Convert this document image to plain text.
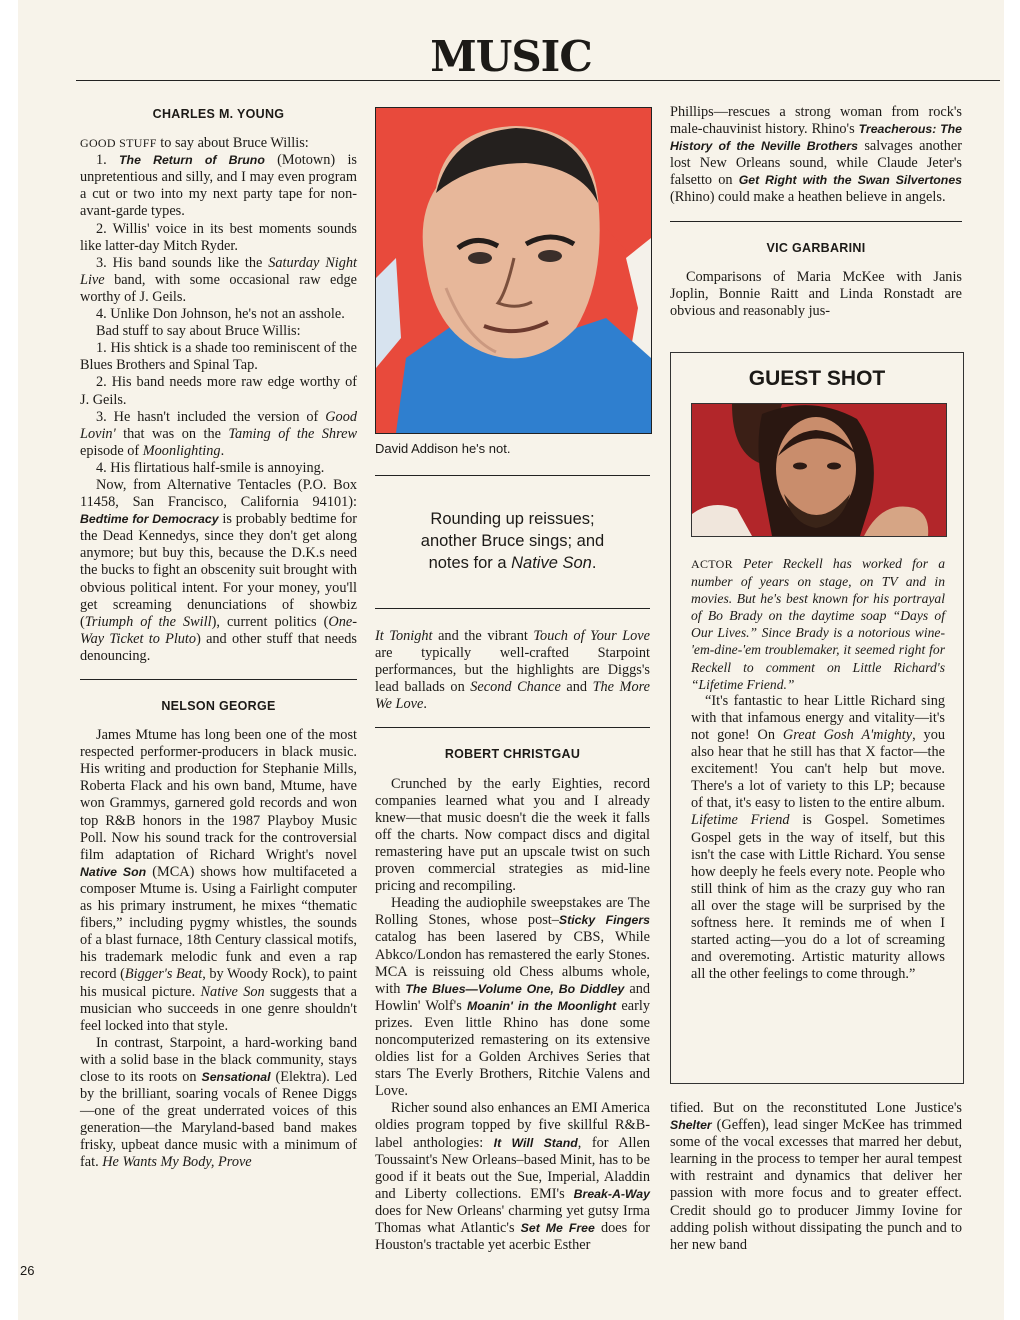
MUSIC
CHARLES M. YOUNG

GOOD STUFF to say about Bruce Willis:

1. The Return of Bruno (Motown) is unpretentious and silly, and I may even program a cut or two into my next party tape for non-avant-garde types.

2. Willis' voice in its best moments sounds like latter-day Mitch Ryder.

3. His band sounds like the Saturday Night Live band, with some occasional raw edge worthy of J. Geils.

4. Unlike Don Johnson, he's not an asshole.

Bad stuff to say about Bruce Willis:

1. His shtick is a shade too reminiscent of the Blues Brothers and Spinal Tap.

2. His band needs more raw edge worthy of J. Geils.

3. He hasn't included the version of Good Lovin' that was on the Taming of the Shrew episode of Moonlighting.

4. His flirtatious half-smile is annoying.

Now, from Alternative Tentacles (P.O. Box 11458, San Francisco, California 94101): Bedtime for Democracy is probably bedtime for the Dead Kennedys, since they don't get along anymore; but buy this, because the D.K.s need the bucks to fight an obscenity suit brought with obvious political intent. For your money, you'll get screaming denunciations of showbiz (Triumph of the Swill), current politics (One-Way Ticket to Pluto) and other stuff that needs denouncing.

NELSON GEORGE

James Mtume has long been one of the most respected performer-producers in black music. His writing and production for Stephanie Mills, Roberta Flack and his own band, Mtume, have won Grammys, garnered gold records and won top R&B honors in the 1987 Playboy Music Poll. Now his sound track for the controversial film adaptation of Richard Wright's novel Native Son (MCA) shows how multifaceted a composer Mtume is. Using a Fairlight computer as his primary instrument, he mixes “thematic fibers,” including pygmy whistles, the sounds of a blast furnace, 18th Century classical motifs, his trademark melodic funk and even a rap record (Bigger's Beat, by Woody Rock), to paint his musical picture. Native Son suggests that a musician who succeeds in one genre shouldn't feel locked into that style.

In contrast, Starpoint, a hard-working band with a solid base in the black community, stays close to its roots on Sensational (Elektra). Led by the brilliant, soaring vocals of Renee Diggs—one of the great underrated voices of this generation—the Maryland-based band makes frisky, upbeat dance music with a minimum of fat. He Wants My Body, Prove

David Addison he's not.
Rounding up reissues;
another Bruce sings; and
notes for a Native Son.

It Tonight and the vibrant Touch of Your Love are typically well-crafted Starpoint performances, but the highlights are Diggs's lead ballads on Second Chance and The More We Love.

ROBERT CHRISTGAU

Crunched by the early Eighties, record companies learned what you and I already knew—that music doesn't die the week it falls off the charts. Now compact discs and digital remastering have put an upscale twist on such proven commercial strategies as mid-line pricing and recompiling.

Heading the audiophile sweepstakes are The Rolling Stones, whose post–Sticky Fingers catalog has been lasered by CBS, While Abkco/London has remastered the early Stones. MCA is reissuing old Chess albums whole, with The Blues—Volume One, Bo Diddley and Howlin' Wolf's Moanin' in the Moonlight early prizes. Even little Rhino has done some noncomputerized remastering on its extensive oldies list for a Golden Archives Series that stars The Everly Brothers, Ritchie Valens and Love.

Richer sound also enhances an EMI America oldies program topped by five skillful R&B-label anthologies: It Will Stand, for Allen Toussaint's New Orleans–based Minit, has to be good if it beats out the Sue, Imperial, Aladdin and Liberty collections. EMI's Break-A-Way does for New Orleans' charming yet gutsy Irma Thomas what Atlantic's Set Me Free does for Houston's tractable yet acerbic Esther

Phillips—rescues a strong woman from rock's male-chauvinist history. Rhino's Treacherous: The History of the Neville Brothers salvages another lost New Orleans sound, while Claude Jeter's falsetto on Get Right with the Swan Silvertones (Rhino) could make a heathen believe in angels.

VIC GARBARINI

Comparisons of Maria McKee with Janis Joplin, Bonnie Raitt and Linda Ronstadt are obvious and reasonably jus-

GUEST SHOT

ACTOR Peter Reckell has worked for a number of years on stage, on TV and in movies. But he's best known for his portrayal of Bo Brady on the daytime soap “Days of Our Lives.” Since Brady is a notorious wine-'em-dine-'em troublemaker, it seemed right for Reckell to comment on Little Richard's “Lifetime Friend.”

“It's fantastic to hear Little Richard sing with that infamous energy and vitality—it's not gone! On Great Gosh A'mighty, you also hear that he still has that X factor—the excitement! You can't help but move. There's a lot of variety to this LP; because of that, it's easy to listen to the entire album. Lifetime Friend is Gospel. Sometimes Gospel gets in the way of itself, but this isn't the case with Little Richard. You sense how deeply he feels every note. People who still think of him as the crazy guy who ran all over the stage will be surprised by the softness here. It reminds me of when I started acting—you do a lot of screaming and overemoting. Artistic maturity allows all the other feelings to come through.”

tified. But on the reconstituted Lone Justice's Shelter (Geffen), lead singer McKee has trimmed some of the vocal excesses that marred her debut, learning in the process to temper her aural tempest with restraint and dynamics that deliver her passion with more focus and to greater effect. Credit should go to producer Jimmy Iovine for adding polish without dissipating the punch and to her new band

26
